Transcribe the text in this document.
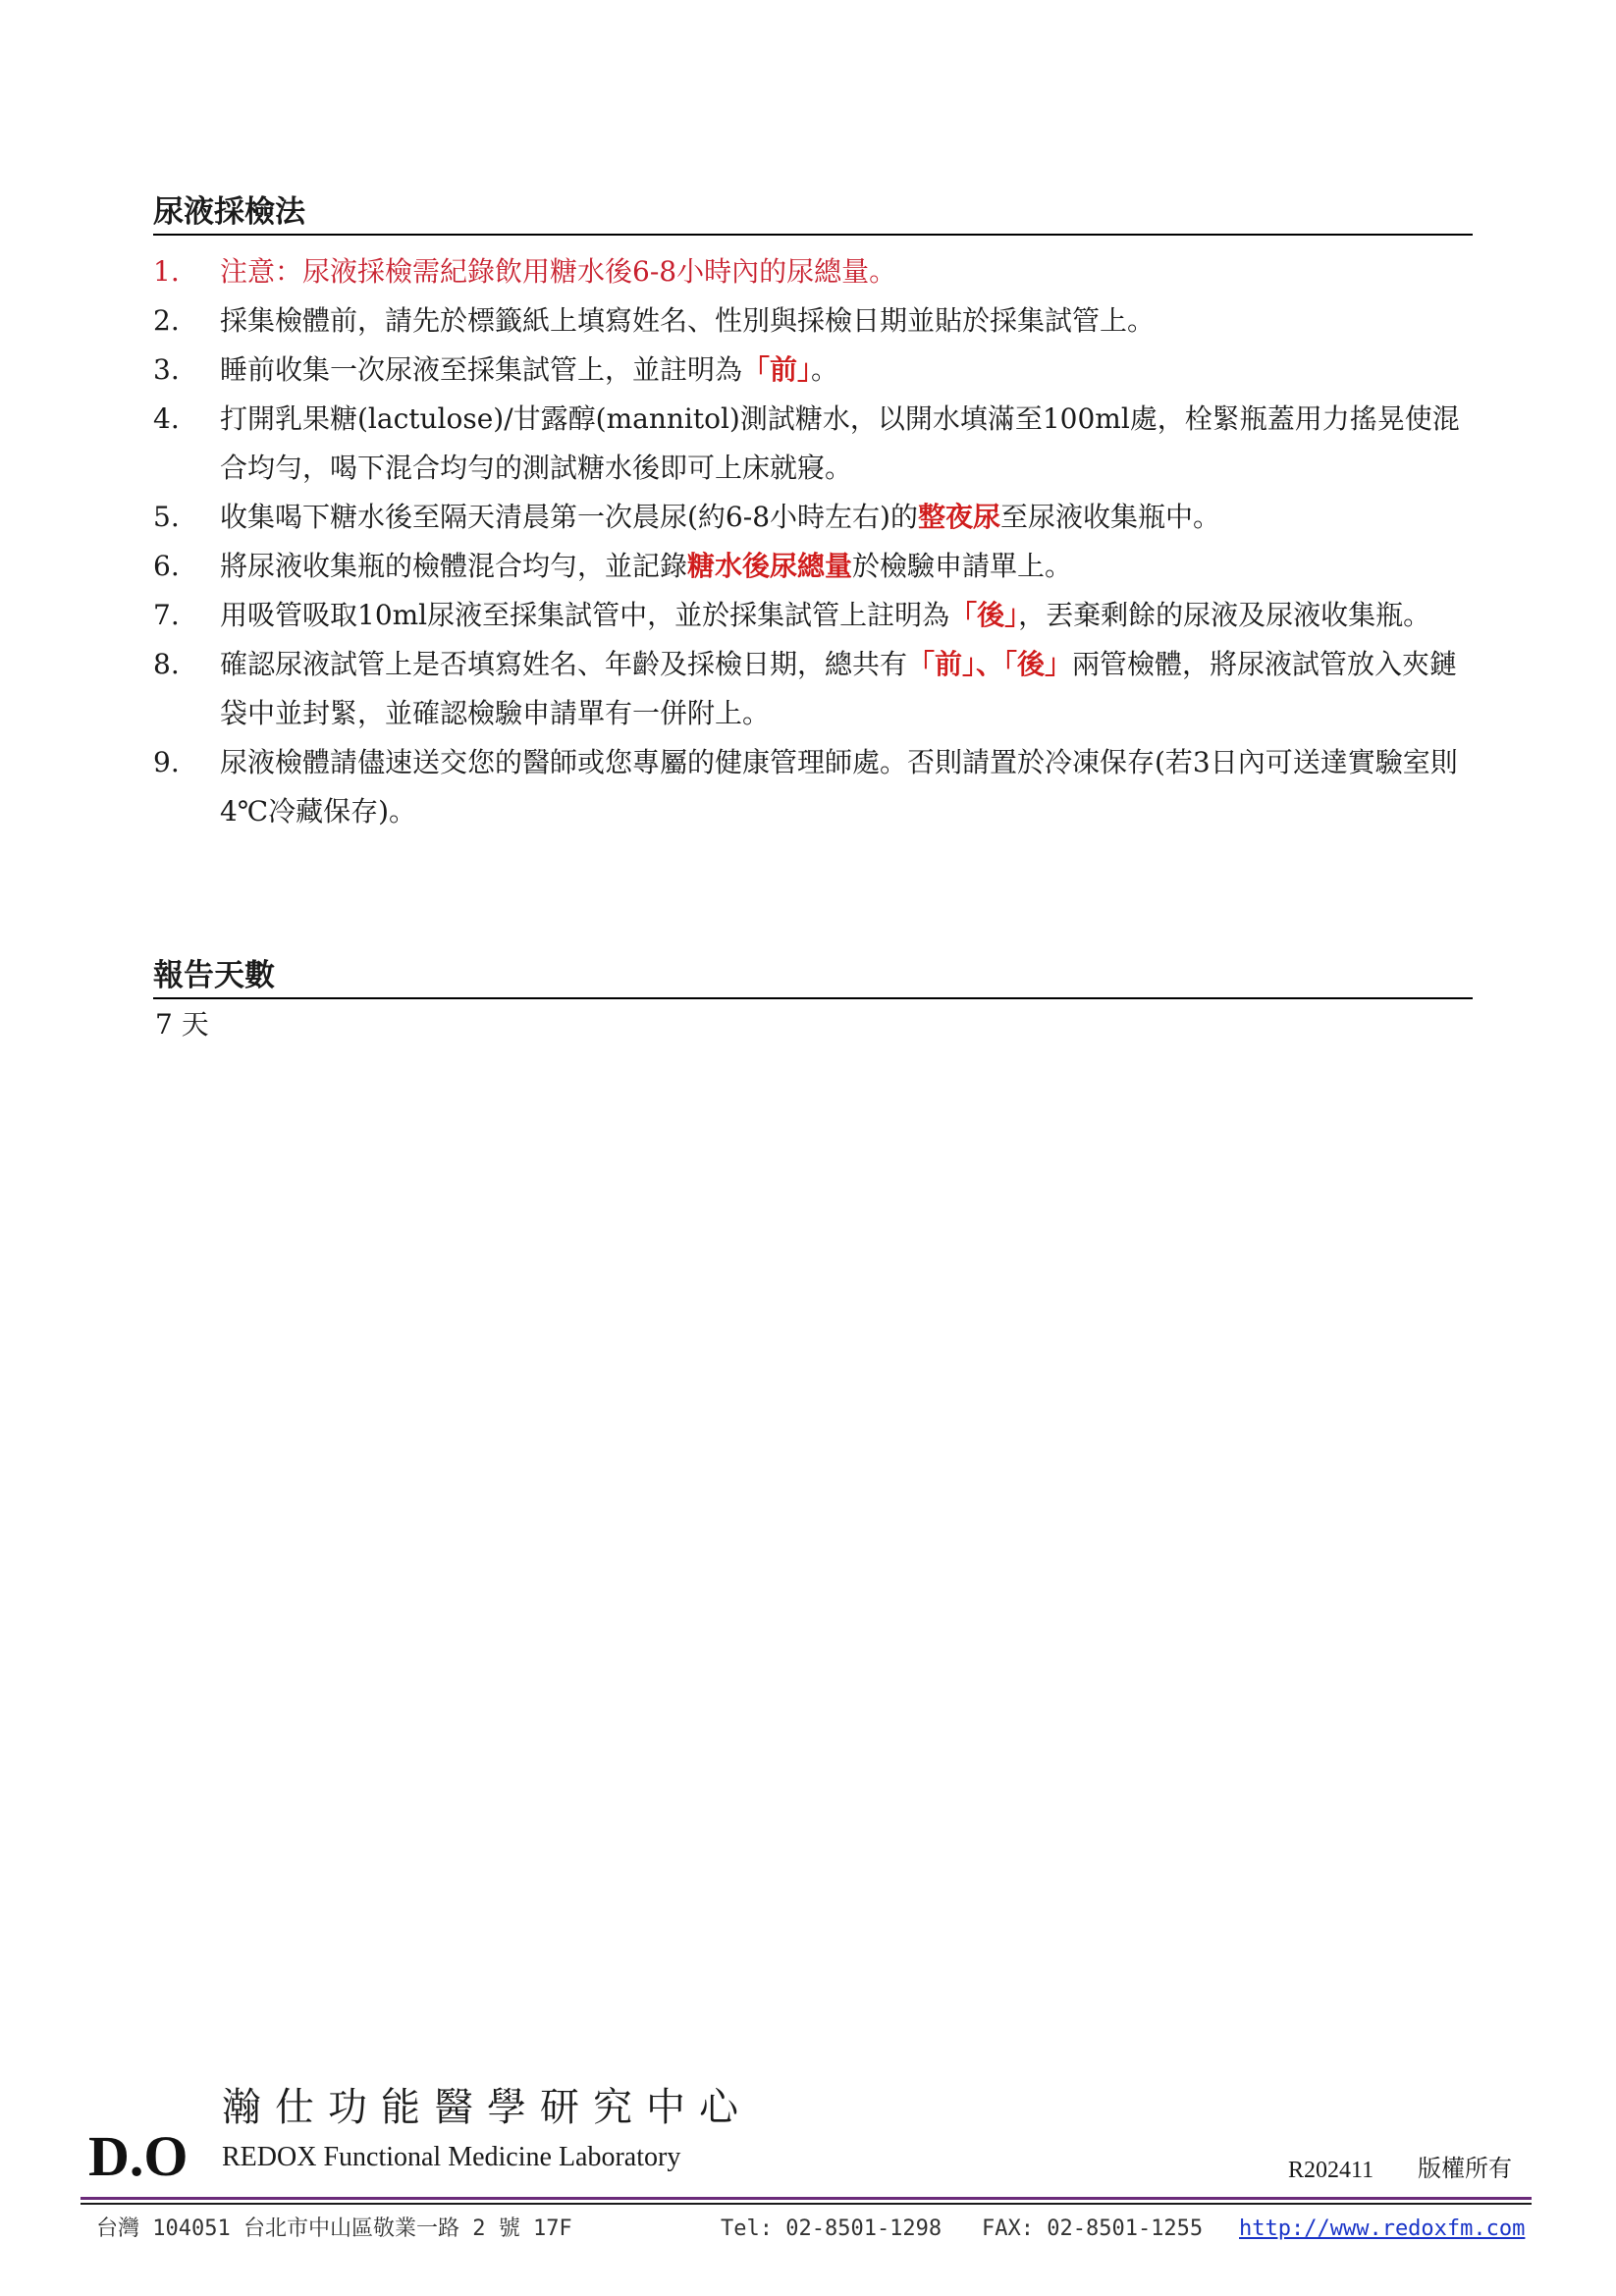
尿液採檢法
1.	注意：尿液採檢需紀錄飲用糖水後6-8小時內的尿總量。
2.	採集檢體前，請先於標籤紙上填寫姓名、性別與採檢日期並貼於採集試管上。
3.	睡前收集一次尿液至採集試管上，並註明為「前」。
4.	打開乳果糖(lactulose)/甘露醇(mannitol)測試糖水，以開水填滿至100ml處，栓緊瓶蓋用力搖晃使混合均勻，喝下混合均勻的測試糖水後即可上床就寢。
5.	收集喝下糖水後至隔天清晨第一次晨尿(約6-8小時左右)的整夜尿至尿液收集瓶中。
6.	將尿液收集瓶的檢體混合均勻，並記錄糖水後尿總量於檢驗申請單上。
7.	用吸管吸取10ml尿液至採集試管中，並於採集試管上註明為「後」，丟棄剩餘的尿液及尿液收集瓶。
8.	確認尿液試管上是否填寫姓名、年齡及採檢日期，總共有「前」、「後」兩管檢體，將尿液試管放入夾鏈袋中並封緊，並確認檢驗申請單有一併附上。
9.	尿液檢體請儘速送交您的醫師或您專屬的健康管理師處。否則請置於冷凍保存(若3日內可送達實驗室則4℃冷藏保存)。
報告天數
7 天
D.O
瀚仕功能醫學研究中心
REDOX Functional Medicine Laboratory	R202411 版權所有
台灣 104051 台北市中山區敬業一路 2 號 17F	Tel: 02-8501-1298 FAX: 02-8501-1255 http://www.redoxfm.com
